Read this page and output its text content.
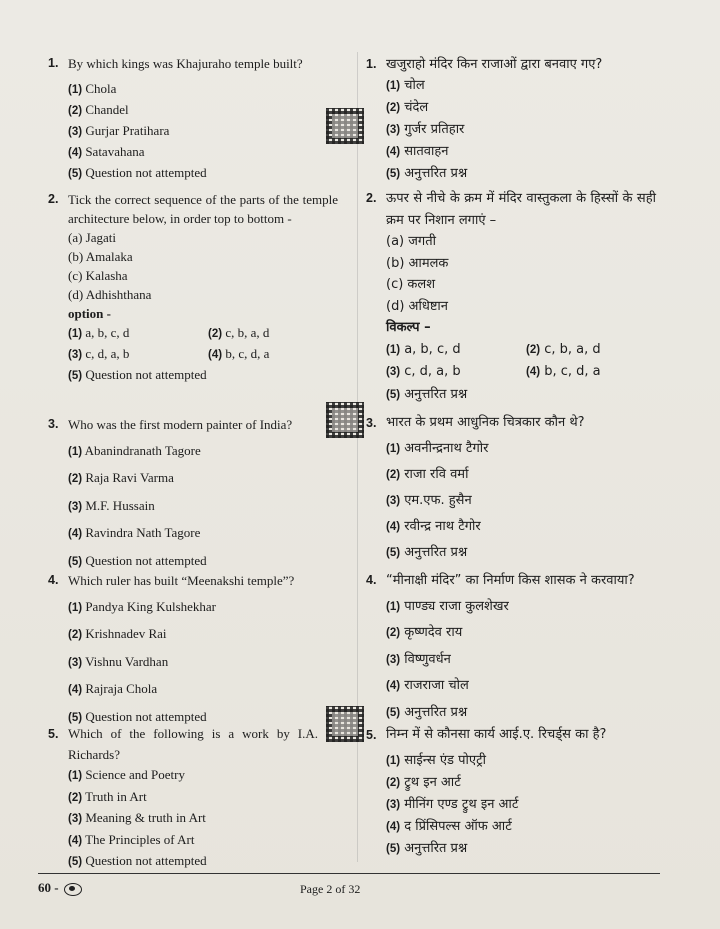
1. By which kings was Khajuraho temple built?
(1) Chola
(2) Chandel
(3) Gurjar Pratihara
(4) Satavahana
(5) Question not attempted
2. Tick the correct sequence of the parts of the temple architecture below, in order top to bottom -
(a) Jagati
(b) Amalaka
(c) Kalasha
(d) Adhishthana
option -
(1) a, b, c, d	(2) c, b, a, d
(3) c, d, a, b	(4) b, c, d, a
(5) Question not attempted
3. Who was the first modern painter of India?
(1) Abanindranath Tagore
(2) Raja Ravi Varma
(3) M.F. Hussain
(4) Ravindra Nath Tagore
(5) Question not attempted
4. Which ruler has built “Meenakshi temple”?
(1) Pandya King Kulshekhar
(2) Krishnadev Rai
(3) Vishnu Vardhan
(4) Rajraja Chola
(5) Question not attempted
5. Which of the following is a work by I.A. Richards?
(1) Science and Poetry
(2) Truth in Art
(3) Meaning & truth in Art
(4) The Principles of Art
(5) Question not attempted
1. खजुराहो मंदिर किन राजाओं द्वारा बनवाए गए?
(1) चोल
(2) चंदेल
(3) गुर्जर प्रतिहार
(4) सातवाहन
(5) अनुत्तरित प्रश्न
2. ऊपर से नीचे के क्रम में मंदिर वास्तुकला के हिस्सों के सही क्रम पर निशान लगाएं –
(a) जगती
(b) आमलक
(c) कलश
(d) अधिष्टान
विकल्प –
(1) a, b, c, d	(2) c, b, a, d
(3) c, d, a, b	(4) b, c, d, a
(5) अनुत्तरित प्रश्न
3. भारत के प्रथम आधुनिक चित्रकार कौन थे?
(1) अवनीन्द्रनाथ टैगोर
(2) राजा रवि वर्मा
(3) एम.एफ. हुसैन
(4) रवीन्द्र नाथ टैगोर
(5) अनुत्तरित प्रश्न
4. “मीनाक्षी मंदिर” का निर्माण किस शासक ने करवाया?
(1) पाण्ड्य राजा कुलशेखर
(2) कृष्णदेव राय
(3) विष्णुवर्धन
(4) राजराजा चोल
(5) अनुत्तरित प्रश्न
5. निम्न में से कौनसा कार्य आई.ए. रिचर्ड्स का है?
(1) साईन्स एंड पोएट्री
(2) ट्रुथ इन आर्ट
(3) मीनिंग एण्ड ट्रुथ इन आर्ट
(4) द प्रिंसिपल्स ऑफ आर्ट
(5) अनुत्तरित प्रश्न
60 -	Page 2 of 32
